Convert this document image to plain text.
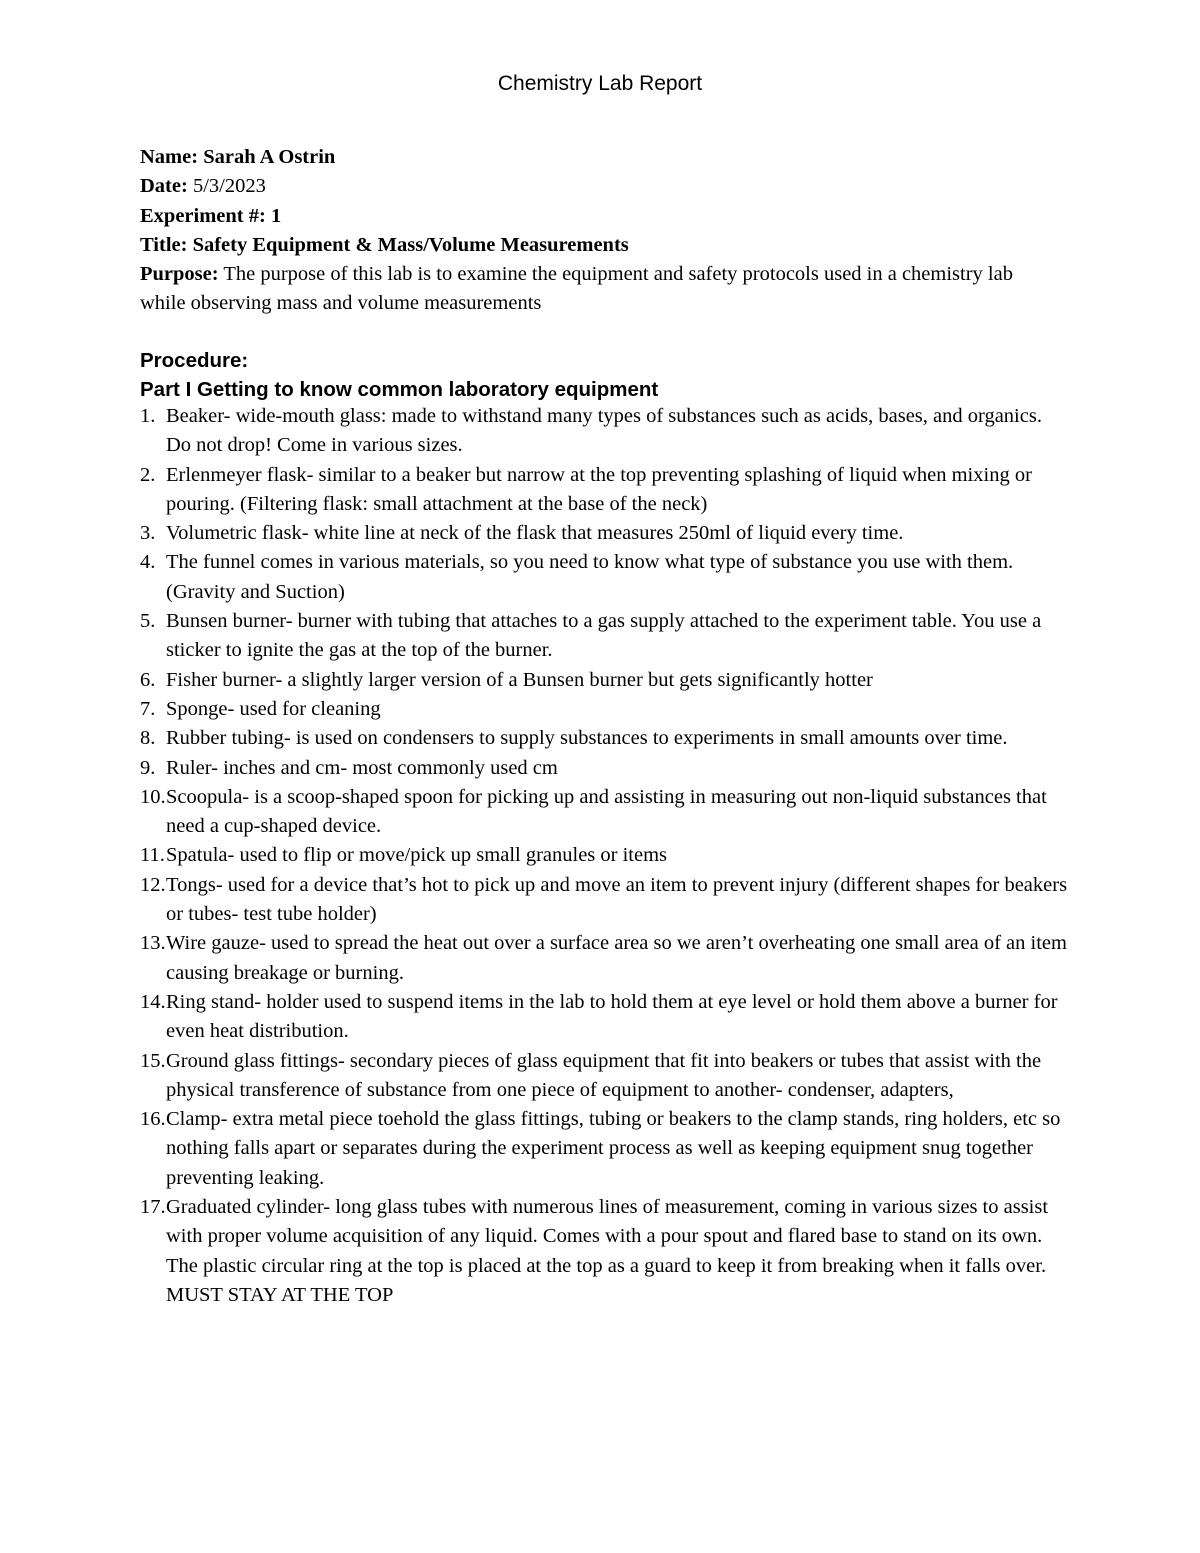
Chemistry Lab Report

Name: Sarah A Ostrin

Date: 5/3/2023

Experiment #: 1

Title: Safety Equipment & Mass/Volume Measurements

Purpose: The purpose of this lab is to examine the equipment and safety protocols used in a chemistry lab while observing mass and volume measurements

Procedure:

Part I Getting to know common laboratory equipment

1. Beaker- wide-mouth glass: made to withstand many types of substances such as acids, bases, and organics. Do not drop! Come in various sizes.
2. Erlenmeyer flask- similar to a beaker but narrow at the top preventing splashing of liquid when mixing or pouring. (Filtering flask: small attachment at the base of the neck)
3. Volumetric flask- white line at neck of the flask that measures 250ml of liquid every time.
4. The funnel comes in various materials, so you need to know what type of substance you use with them. (Gravity and Suction)
5. Bunsen burner- burner with tubing that attaches to a gas supply attached to the experiment table. You use a sticker to ignite the gas at the top of the burner.
6. Fisher burner- a slightly larger version of a Bunsen burner but gets significantly hotter
7. Sponge- used for cleaning
8. Rubber tubing- is used on condensers to supply substances to experiments in small amounts over time.
9. Ruler- inches and cm- most commonly used cm
10. Scoopula- is a scoop-shaped spoon for picking up and assisting in measuring out non-liquid substances that need a cup-shaped device.
11. Spatula- used to flip or move/pick up small granules or items
12. Tongs- used for a device that’s hot to pick up and move an item to prevent injury (different shapes for beakers or tubes- test tube holder)
13. Wire gauze- used to spread the heat out over a surface area so we aren’t overheating one small area of an item causing breakage or burning.
14. Ring stand- holder used to suspend items in the lab to hold them at eye level or hold them above a burner for even heat distribution.
15. Ground glass fittings- secondary pieces of glass equipment that fit into beakers or tubes that assist with the physical transference of substance from one piece of equipment to another- condenser, adapters,
16. Clamp- extra metal piece toehold the glass fittings, tubing or beakers to the clamp stands, ring holders, etc so nothing falls apart or separates during the experiment process as well as keeping equipment snug together preventing leaking.
17. Graduated cylinder- long glass tubes with numerous lines of measurement, coming in various sizes to assist with proper volume acquisition of any liquid. Comes with a pour spout and flared base to stand on its own. The plastic circular ring at the top is placed at the top as a guard to keep it from breaking when it falls over. MUST STAY AT THE TOP
